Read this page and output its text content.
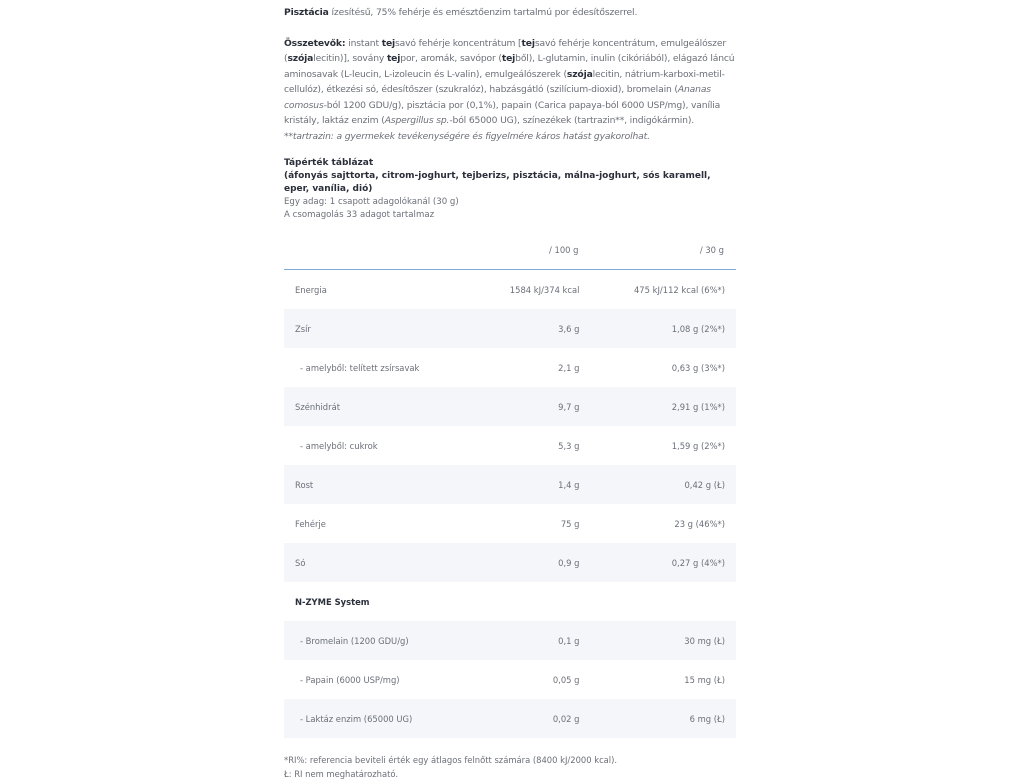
Pisztácia ízesítésű, 75% fehérje és emésztőenzim tartalmú por édesítőszerrel.

Összetevők: instant tejsavó fehérje koncentrátum [tejsavó fehérje koncentrátum, emulgeálószer (szójalecitin)], sovány tejpor, aromák, savópor (tejből), L-glutamin, inulin (cikóriából), elágazó láncú aminosavak (L-leucin, L-izoleucin és L-valin), emulgeálószerek (szójalecitin, nátrium-karboxi-metil-cellulóz), étkezési só, édesítőszer (szukralóz), habzásgátló (szilícium-dioxid), bromelain (Ananas comosus-ból 1200 GDU/g), pisztácia por (0,1%), papain (Carica papaya-ból 6000 USP/mg), vanília kristály, laktáz enzim (Aspergillus sp.-ból 65000 UG), színezékek (tartrazin**, indigókármin).

**tartrazin: a gyermekek tevékenységére és figyelmére káros hatást gyakorolhat.

Tápérték táblázat
(áfonyás sajttorta, citrom-joghurt, tejberizs, pisztácia, málna-joghurt, sós karamell, eper, vanília, dió)
Egy adag: 1 csapott adagolókanál (30 g)
A csomagolás 33 adagot tartalmaz
	/ 100 g	/ 30 g
Energia	1584 kJ/374 kcal	475 kJ/112 kcal (6%*)
Zsír	3,6 g	1,08 g (2%*)
- amelyből: telített zsírsavak	2,1 g	0,63 g (3%*)
Szénhidrát	9,7 g	2,91 g (1%*)
- amelyből: cukrok	5,3 g	1,59 g (2%*)
Rost	1,4 g	0,42 g (Ł)
Fehérje	75 g	23 g (46%*)
Só	0,9 g	0,27 g (4%*)
N-ZYME System		
- Bromelain (1200 GDU/g)	0,1 g	30 mg (Ł)
- Papain (6000 USP/mg)	0,05 g	15 mg (Ł)
- Laktáz enzim (65000 UG)	0,02 g	6 mg (Ł)
*RI%: referencia beviteli érték egy átlagos felnőtt számára (8400 kJ/2000 kcal).
Ł: RI nem meghatározható.
